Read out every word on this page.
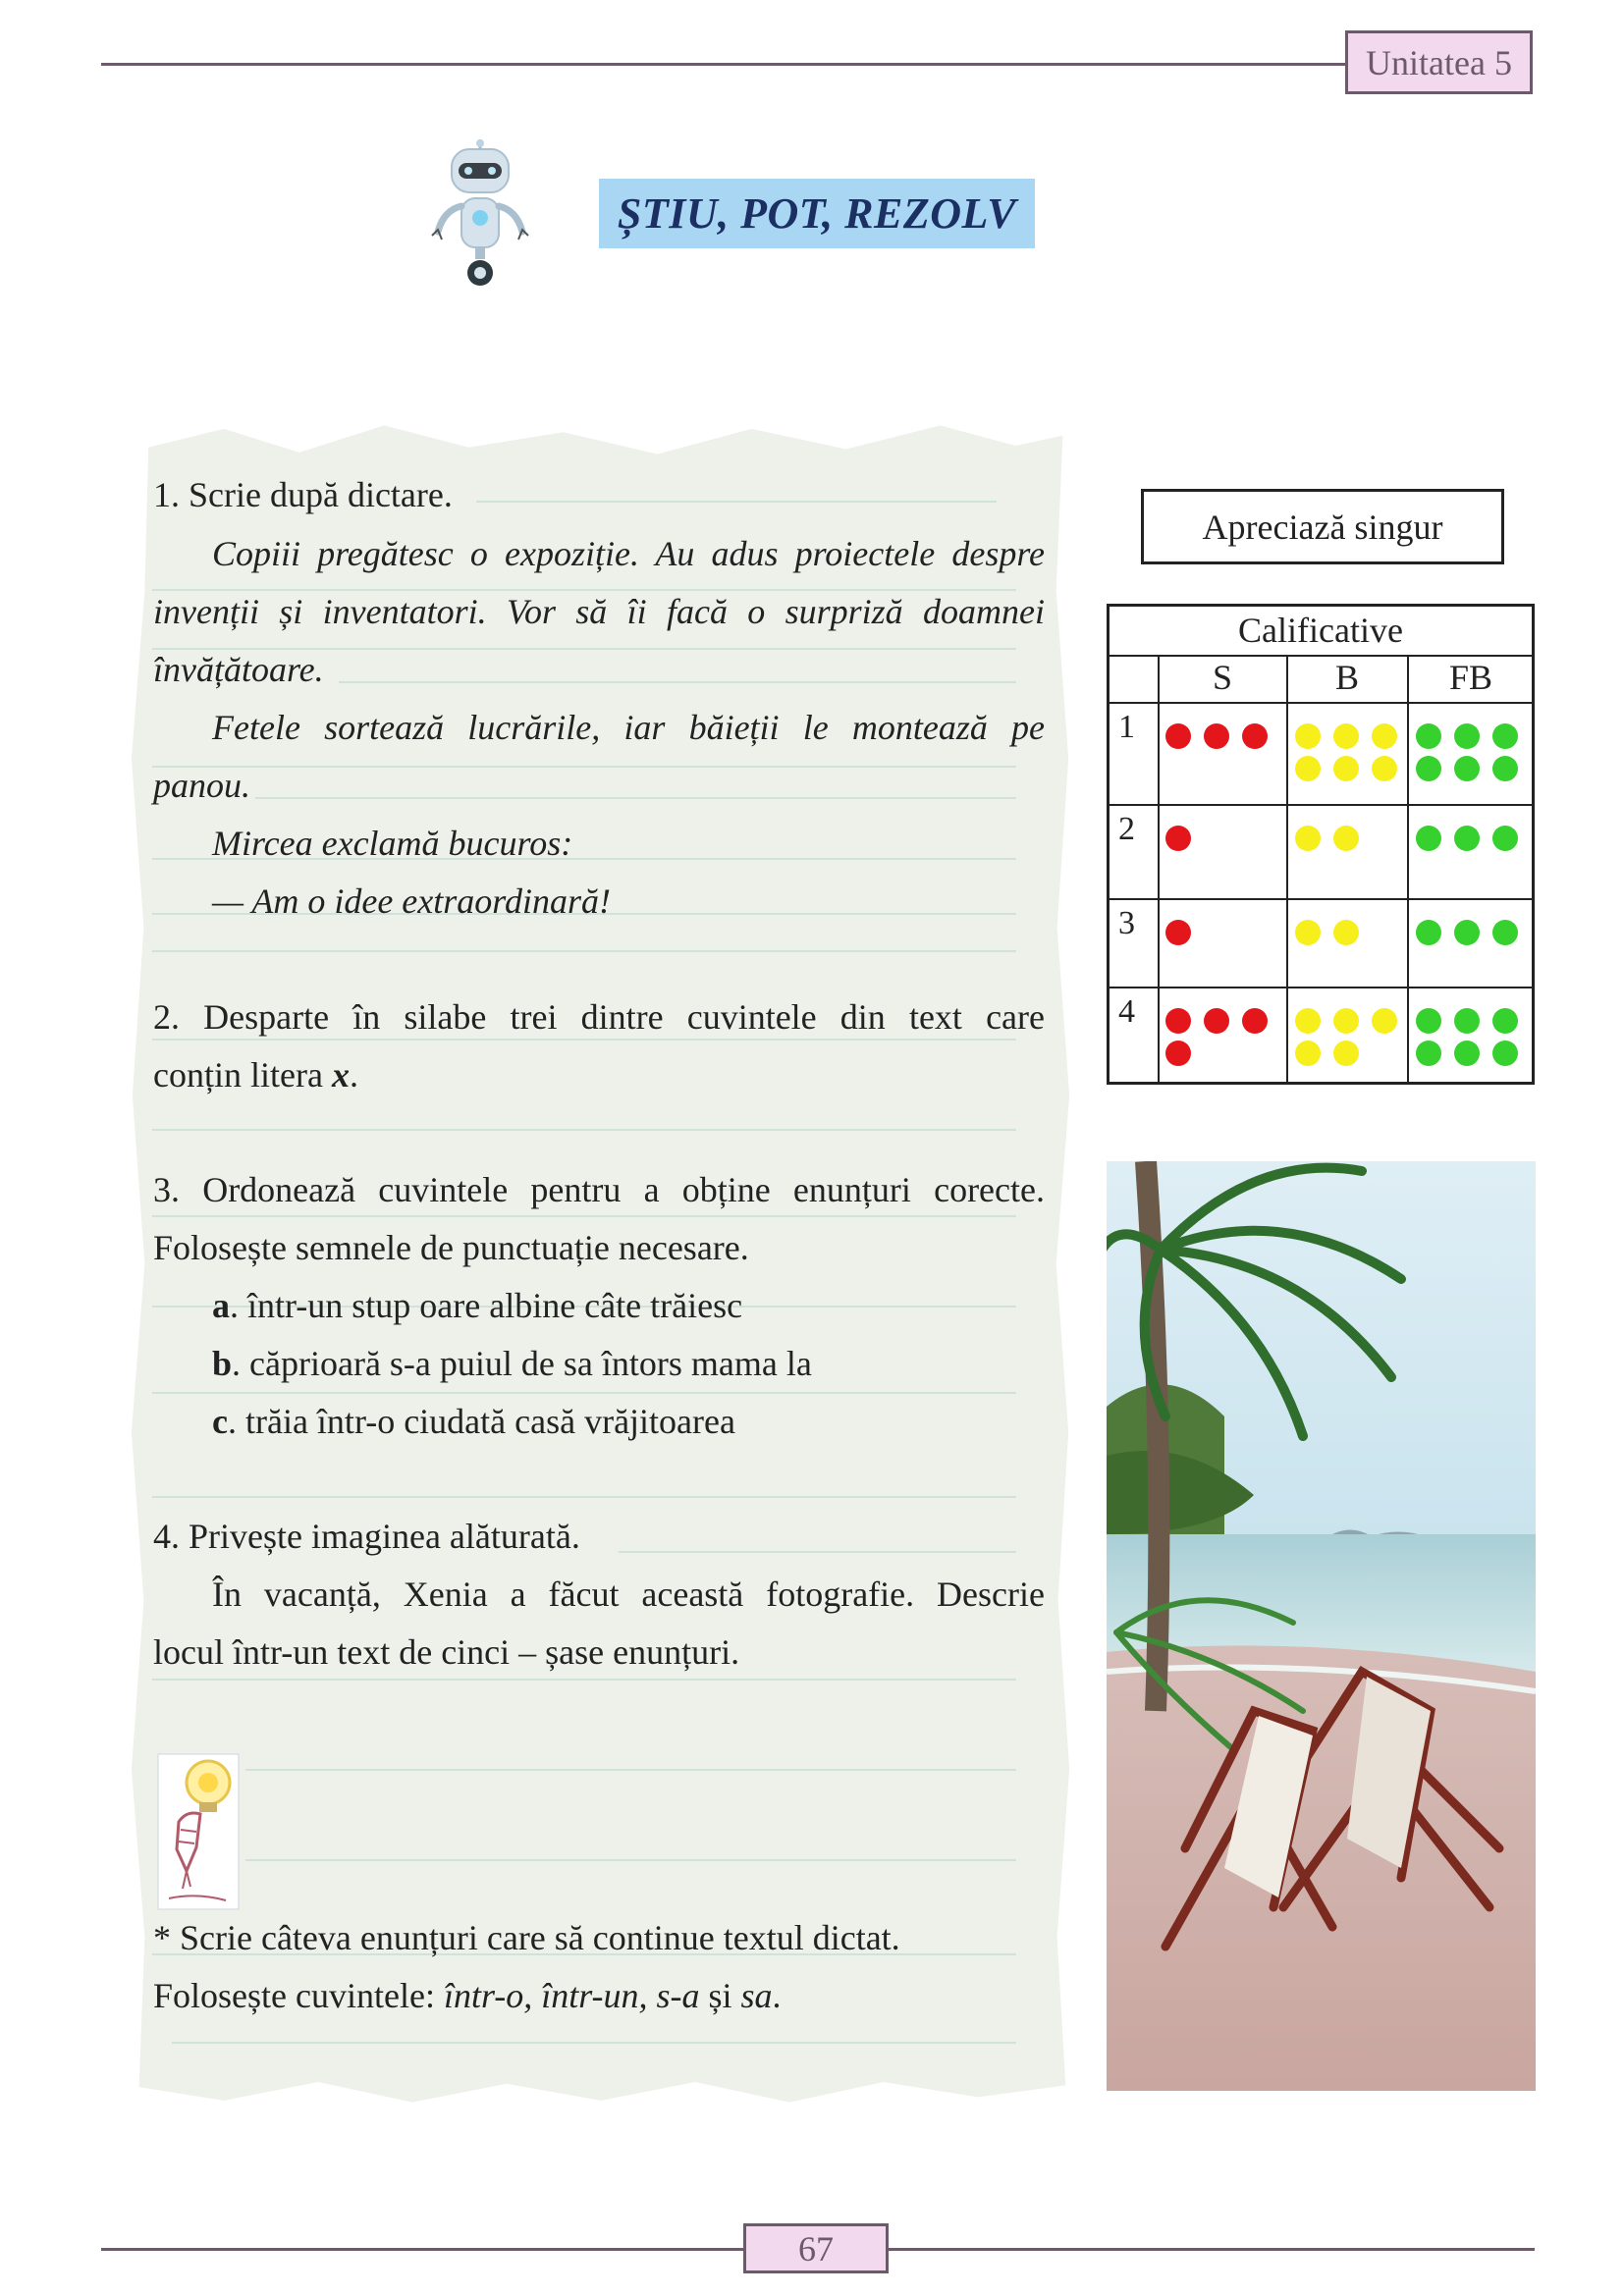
Unitatea 5
ȘTIU, POT, REZOLV

1. Scrie după dictare.

Copiii pregătesc o expoziție. Au adus proiectele despre

invenții și inventatori. Vor să îi facă o surpriză doamnei

învățătoare.

Fetele sortează lucrările, iar băieții le montează pe

panou.

Mircea exclamă bucuros:

— Am o idee extraordinară!

2. Desparte în silabe trei dintre cuvintele din text care

conțin litera x.

3. Ordonează cuvintele pentru a obține enunțuri corecte.

Folosește semnele de punctuație necesare.

a. într-un stup oare albine câte trăiesc

b. căprioară s-a puiul de sa întors mama la

c. trăia într-o ciudată casă vrăjitoarea

4. Privește imaginea alăturată.

În vacanță, Xenia a făcut această fotografie. Descrie

locul într-un text de cinci – șase enunțuri.

* Scrie câteva enunțuri care să continue textul dictat.

Folosește cuvintele: într-o, într-un, s-a și sa.

Apreciază singur
Calificative
S	B	FB
1
2
3
4
67
